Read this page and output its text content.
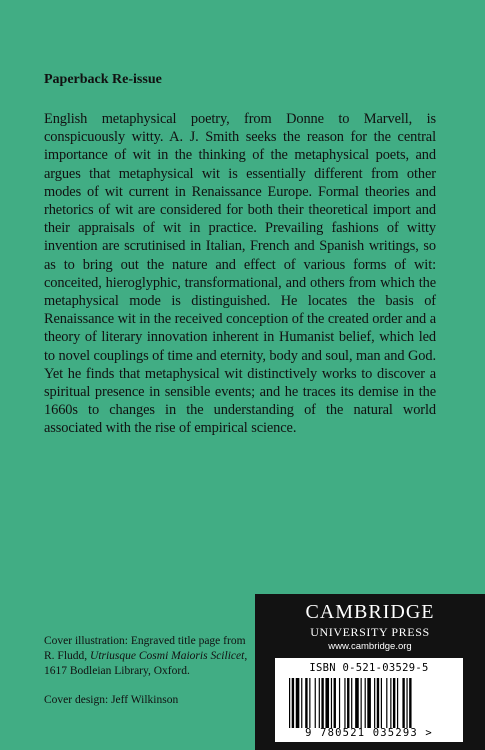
Paperback Re-issue

English metaphysical poetry, from Donne to Marvell, is conspicuously witty. A. J. Smith seeks the reason for the central importance of wit in the thinking of the metaphysical poets, and argues that metaphysical wit is essentially different from other modes of wit current in Renaissance Europe. Formal theories and rhetorics of wit are considered for both their theoretical import and their appraisals of wit in practice. Prevailing fashions of witty invention are scrutinised in Italian, French and Spanish writings, so as to bring out the nature and effect of various forms of wit: conceited, hieroglyphic, transformational, and others from which the metaphysical mode is distinguished. He locates the basis of Renaissance wit in the received conception of the created order and a theory of literary innovation inherent in Humanist belief, which led to novel couplings of time and eternity, body and soul, man and God. Yet he finds that metaphysical wit distinctively works to discover a spiritual presence in sensible events; and he traces its demise in the 1660s to changes in the understanding of the natural world associated with the rise of empirical science.

Cover illustration: Engraved title page from R. Fludd, Utriusque Cosmi Maioris Scilicet, 1617 Bodleian Library, Oxford.

Cover design: Jeff Wilkinson

CAMBRIDGE
UNIVERSITY PRESS
www.cambridge.org
ISBN 0-521-03529-5
9 780521 035293 >
